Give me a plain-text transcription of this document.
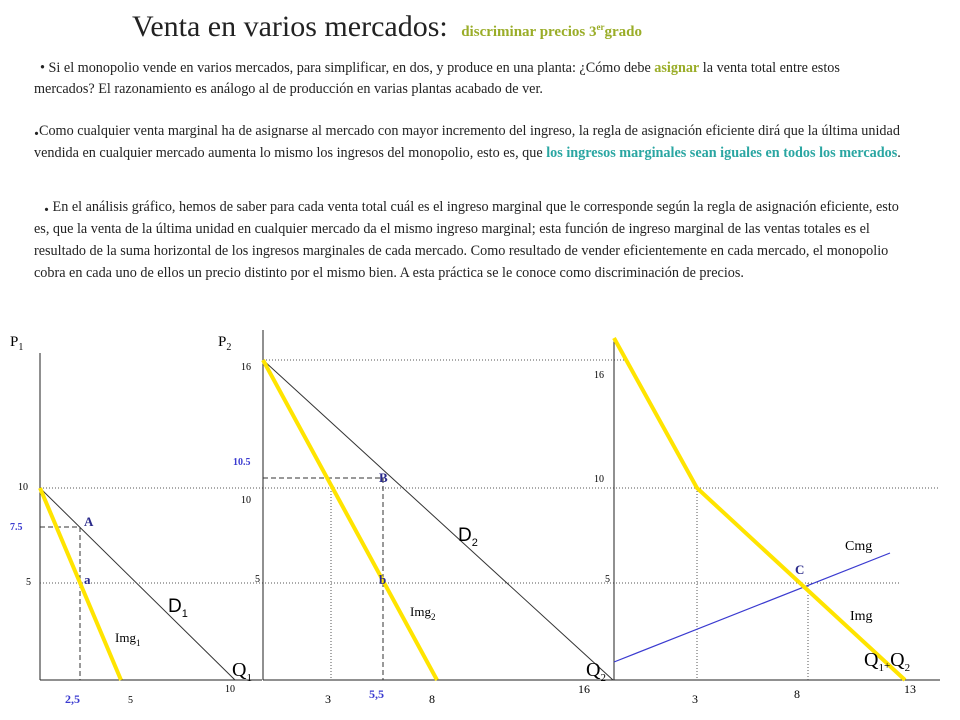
Venta en varios mercados: discriminar precios 3ergrado

• Si el monopolio vende en varios mercados, para simplificar, en dos, y produce en una planta: ¿Cómo debe asignar la venta total entre estos mercados? El razonamiento es análogo al de producción en varias plantas acabado de ver.

.Como cualquier venta marginal ha de asignarse al mercado con mayor incremento del ingreso, la regla de asignación eficiente dirá que la última unidad vendida en cualquier mercado aumenta lo mismo los ingresos del monopolio, esto es, que los ingresos marginales sean iguales en todos los mercados.

. En el análisis gráfico, hemos de saber para cada venta total cuál es el ingreso marginal que le corresponde según la regla de asignación eficiente, esto es, que la venta de la última unidad en cualquier mercado da el mismo ingreso marginal; esta función de ingreso marginal de las ventas totales es el resultado de la suma horizontal de los ingresos marginales de cada mercado. Como resultado de vender eficientemente en cada mercado, el monopolio cobra en cada uno de ellos un precio distinto por el mismo bien. A esta práctica se le conoce como discriminación de precios.

$P_1$
$Q_1$
10
7.5
5
2,5	5
10
A
a
$D_1$
Img$_1$
$P_2$
$Q_2$
16
10.5
10
5
3	5,5	8
16
B
b
$D_2$
Img$_2$
16
10
5
3	8	13
C
Cmg
Img
$Q_1+Q_2$
